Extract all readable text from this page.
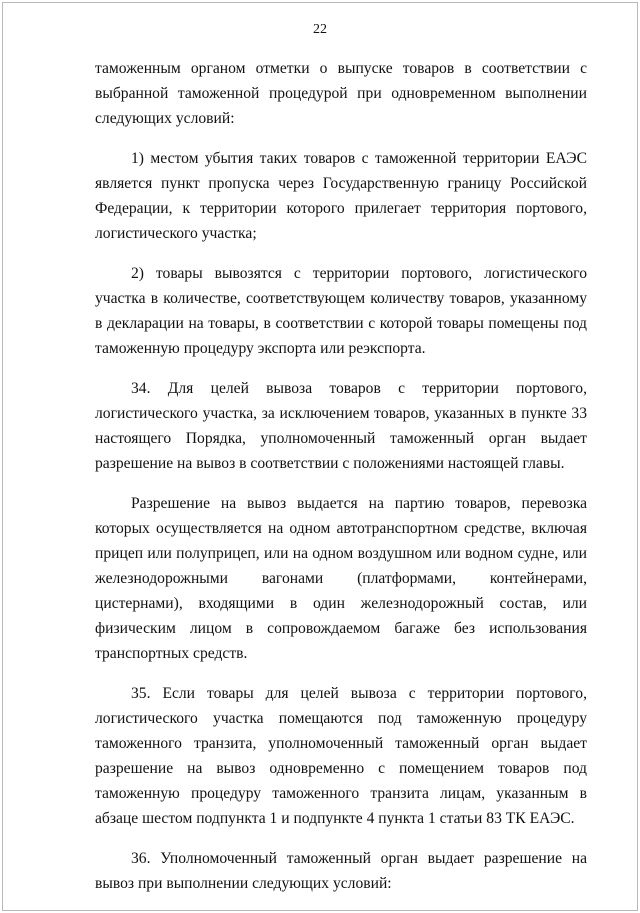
22

таможенным органом отметки о выпуске товаров в соответствии с выбранной таможенной процедурой при одновременном выполнении следующих условий:

1) местом убытия таких товаров с таможенной территории ЕАЭС является пункт пропуска через Государственную границу Российской Федерации, к территории которого прилегает территория портового, логистического участка;

2) товары вывозятся с территории портового, логистического участка в количестве, соответствующем количеству товаров, указанному в декларации на товары, в соответствии с которой товары помещены под таможенную процедуру экспорта или реэкспорта.

34. Для целей вывоза товаров с территории портового, логистического участка, за исключением товаров, указанных в пункте 33 настоящего Порядка, уполномоченный таможенный орган выдает разрешение на вывоз в соответствии с положениями настоящей главы.

Разрешение на вывоз выдается на партию товаров, перевозка которых осуществляется на одном автотранспортном средстве, включая прицеп или полуприцеп, или на одном воздушном или водном судне, или железнодорожными вагонами (платформами, контейнерами, цистернами), входящими в один железнодорожный состав, или физическим лицом в сопровождаемом багаже без использования транспортных средств.

35. Если товары для целей вывоза с территории портового, логистического участка помещаются под таможенную процедуру таможенного транзита, уполномоченный таможенный орган выдает разрешение на вывоз одновременно с помещением товаров под таможенную процедуру таможенного транзита лицам, указанным в абзаце шестом подпункта 1 и подпункте 4 пункта 1 статьи 83 ТК ЕАЭС.

36. Уполномоченный таможенный орган выдает разрешение на вывоз при выполнении следующих условий:
